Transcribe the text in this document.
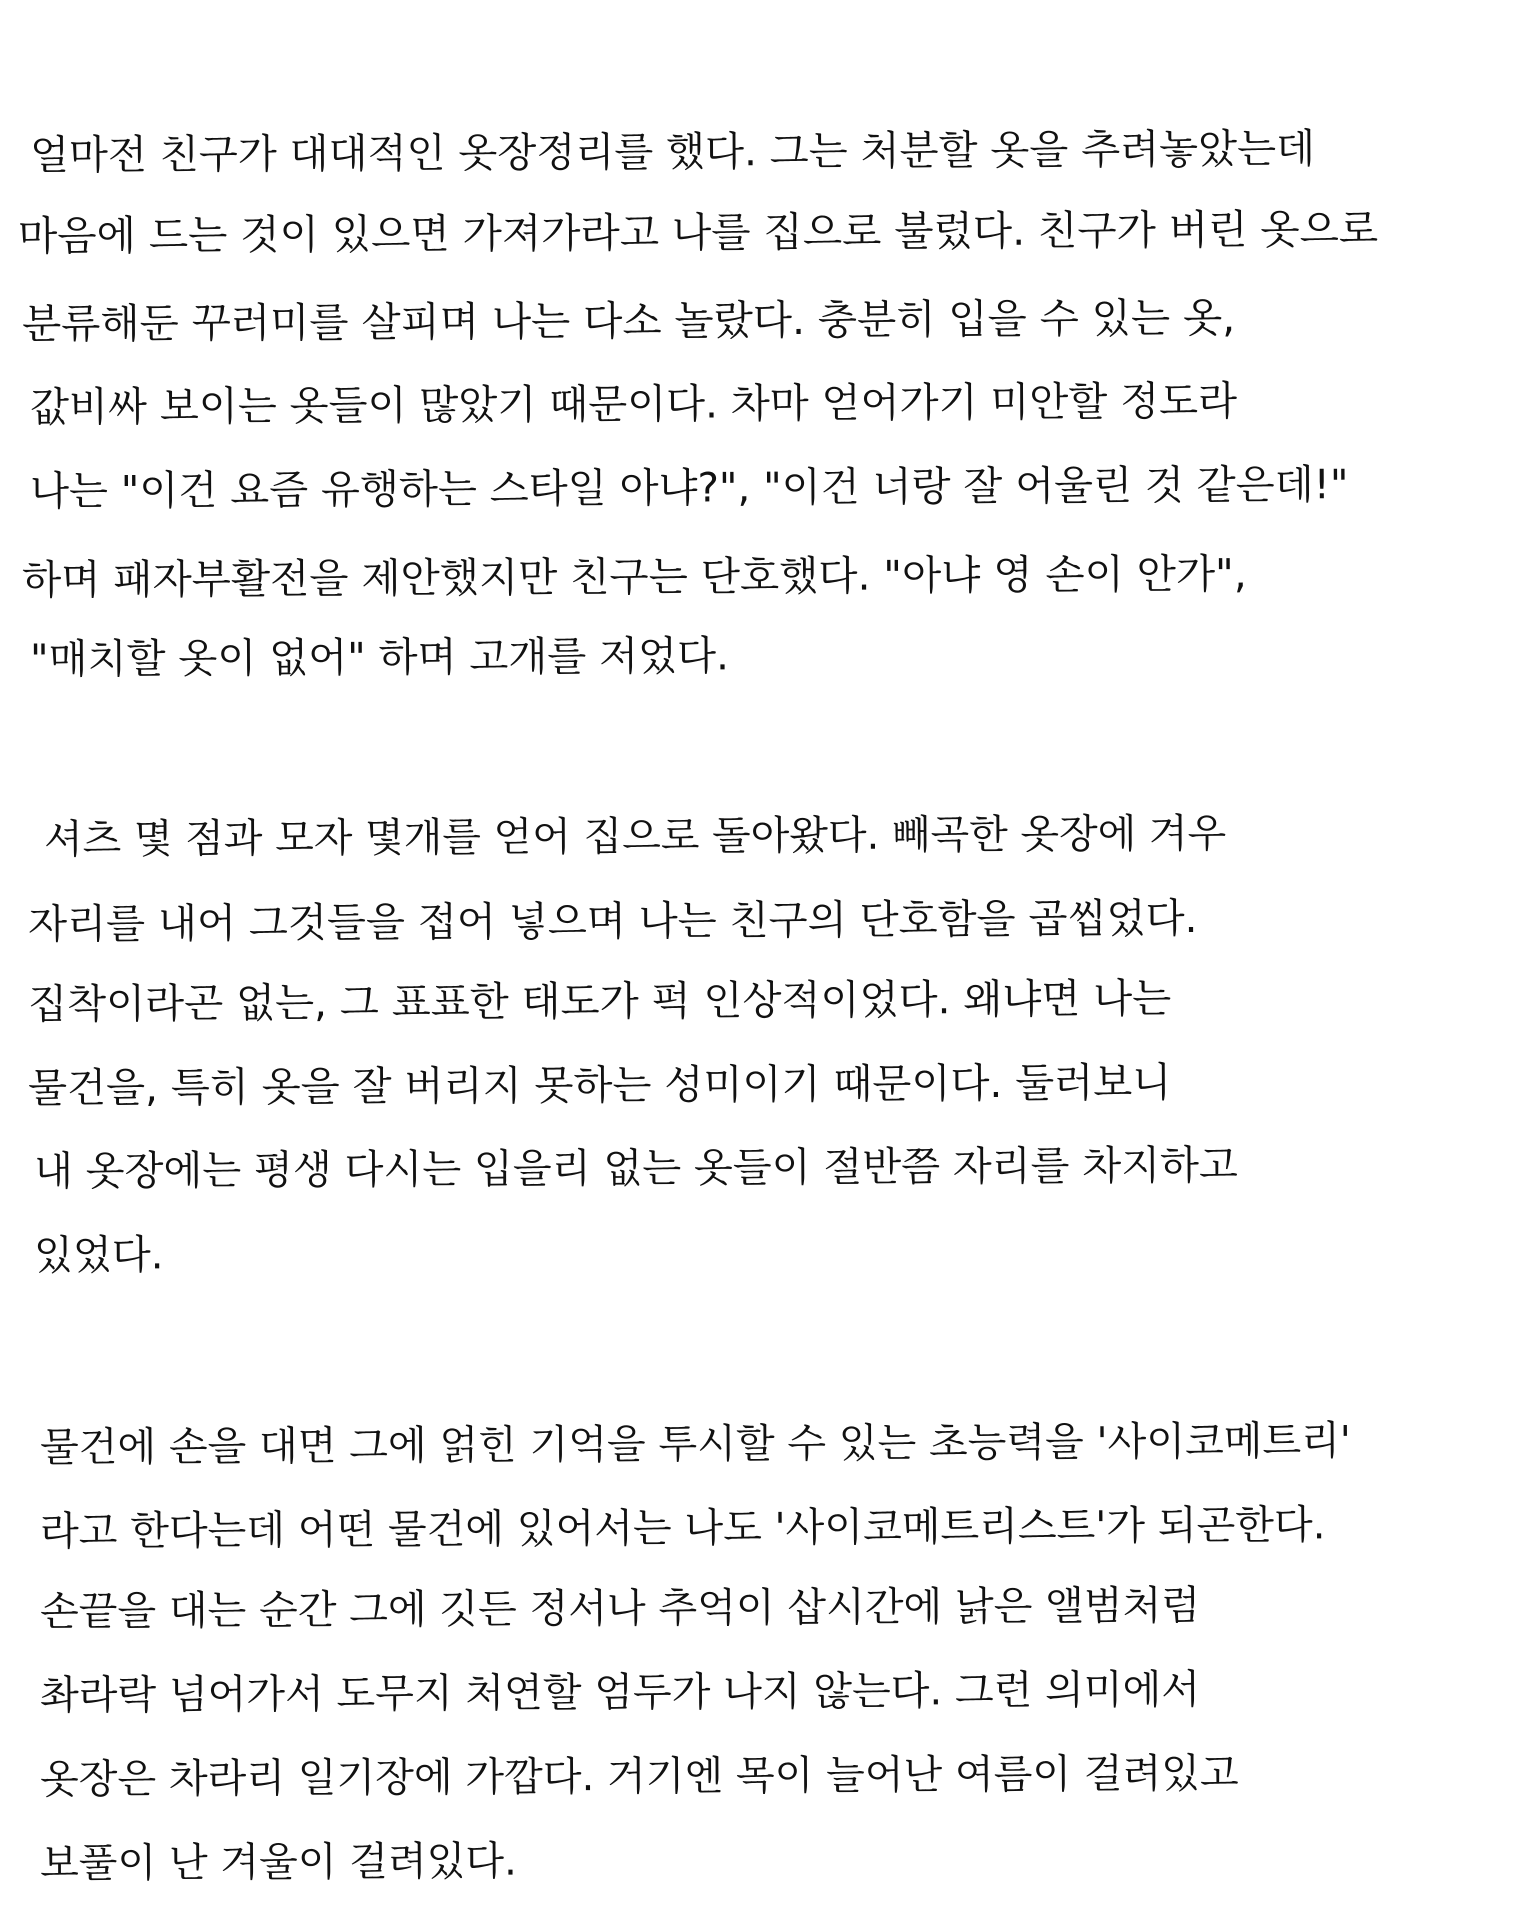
얼마전 친구가 대대적인 옷장정리를 했다. 그는 처분할 옷을 추려놓았는데
마음에 드는 것이 있으면 가져가라고 나를 집으로 불렀다. 친구가 버린 옷으로
분류해둔 꾸러미를 살피며 나는 다소 놀랐다. 충분히 입을 수 있는 옷,
값비싸 보이는 옷들이 많았기 때문이다. 차마 얻어가기 미안할 정도라
나는 "이건 요즘 유행하는 스타일 아냐?", "이건 너랑 잘 어울린 것 같은데!"
하며 패자부활전을 제안했지만 친구는 단호했다. "아냐 영 손이 안가",
"매치할 옷이 없어" 하며 고개를 저었다.
셔츠 몇 점과 모자 몇개를 얻어 집으로 돌아왔다. 빼곡한 옷장에 겨우
자리를 내어 그것들을 접어 넣으며 나는 친구의 단호함을 곱씹었다.
집착이라곤 없는, 그 표표한 태도가 퍽 인상적이었다. 왜냐면 나는
물건을, 특히 옷을 잘 버리지 못하는 성미이기 때문이다. 둘러보니
내 옷장에는 평생 다시는 입을리 없는 옷들이 절반쯤 자리를 차지하고
있었다.
물건에 손을 대면 그에 얽힌 기억을 투시할 수 있는 초능력을 '사이코메트리'
라고 한다는데 어떤 물건에 있어서는 나도 '사이코메트리스트'가 되곤한다.
손끝을 대는 순간 그에 깃든 정서나 추억이 삽시간에 낡은 앨범처럼
촤라락 넘어가서 도무지 처연할 엄두가 나지 않는다. 그런 의미에서
옷장은 차라리 일기장에 가깝다. 거기엔 목이 늘어난 여름이 걸려있고
보풀이 난 겨울이 걸려있다.
